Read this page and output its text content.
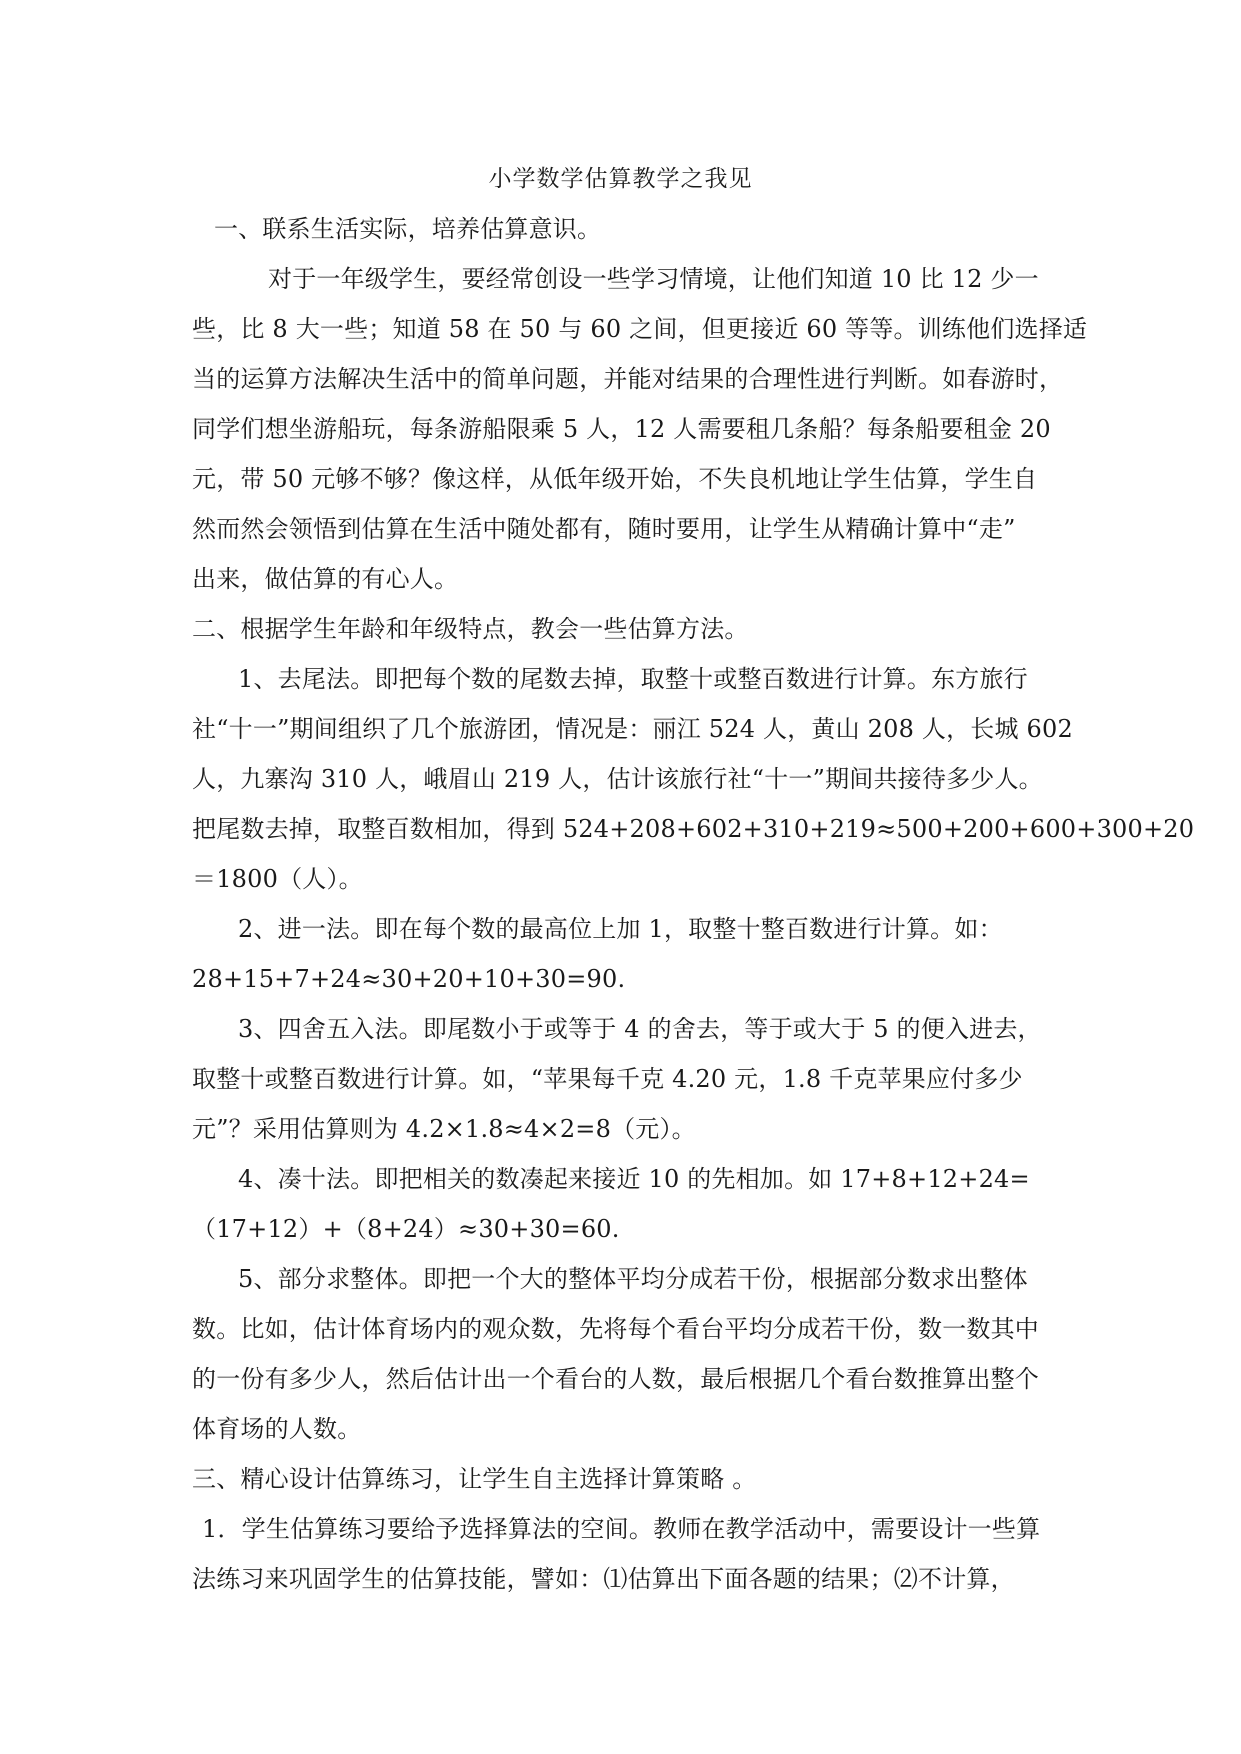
小学数学估算教学之我见
一、联系生活实际，培养估算意识。
对于一年级学生，要经常创设一些学习情境，让他们知道 10 比 12 少一
些，比 8 大一些；知道 58 在 50 与 60 之间，但更接近 60 等等。训练他们选择适
当的运算方法解决生活中的简单问题，并能对结果的合理性进行判断。如春游时，
同学们想坐游船玩，每条游船限乘 5 人，12 人需要租几条船？每条船要租金 20
元，带 50 元够不够？像这样，从低年级开始，不失良机地让学生估算，学生自
然而然会领悟到估算在生活中随处都有，随时要用，让学生从精确计算中“走”
出来，做估算的有心人。
二、根据学生年龄和年级特点，教会一些估算方法。
1、去尾法。即把每个数的尾数去掉，取整十或整百数进行计算。东方旅行
社“十一”期间组织了几个旅游团，情况是：丽江 524 人，黄山 208 人，长城 602
人，九寨沟 310 人，峨眉山 219 人，估计该旅行社“十一”期间共接待多少人。
把尾数去掉，取整百数相加，得到 524+208+602+310+219≈500+200+600+300+20
＝1800（人）。
2、进一法。即在每个数的最高位上加 1，取整十整百数进行计算。如：
28+15+7+24≈30+20+10+30=90.
3、四舍五入法。即尾数小于或等于 4 的舍去，等于或大于 5 的便入进去，
取整十或整百数进行计算。如，“苹果每千克 4.20 元，1.8 千克苹果应付多少
元”？采用估算则为 4.2×1.8≈4×2=8（元）。
4、凑十法。即把相关的数凑起来接近 10 的先相加。如 17+8+12+24=
（17+12）+（8+24）≈30+30=60.
5、部分求整体。即把一个大的整体平均分成若干份，根据部分数求出整体
数。比如，估计体育场内的观众数，先将每个看台平均分成若干份，数一数其中
的一份有多少人，然后估计出一个看台的人数，最后根据几个看台数推算出整个
体育场的人数。
三、精心设计估算练习，让学生自主选择计算策略 。
1．学生估算练习要给予选择算法的空间。教师在教学活动中，需要设计一些算
法练习来巩固学生的估算技能，譬如：⑴估算出下面各题的结果；⑵不计算，
